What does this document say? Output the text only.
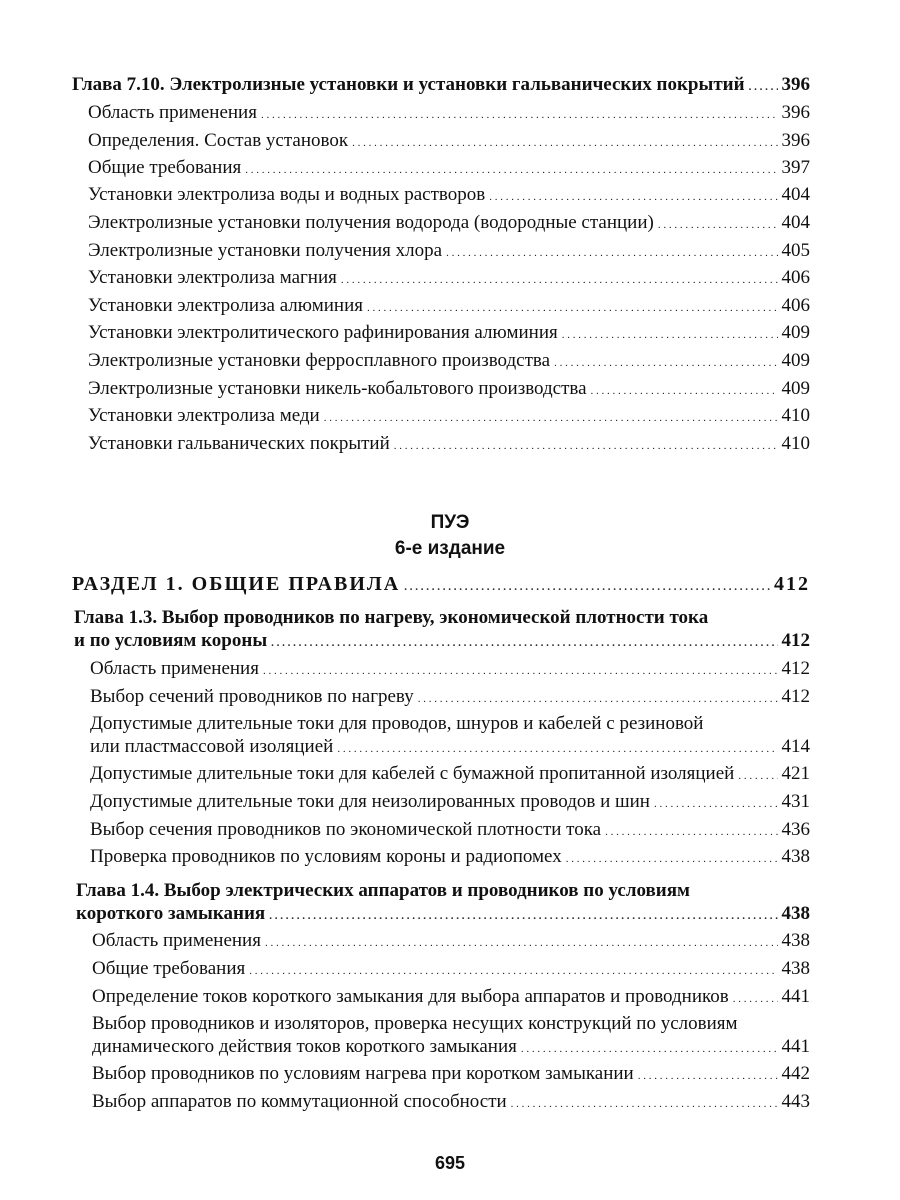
Глава 7.10. Электролизные установки и установки гальванических покрытий . . . 396
Область применения . . .	396
Определения. Состав установок . . .	396
Общие требования . . .	397
Установки электролиза воды и водных растворов . . .	404
Электролизные установки получения водорода (водородные станции) . . .	404
Электролизные установки получения хлора . . .	405
Установки электролиза магния . . .	406
Установки электролиза алюминия . . .	406
Установки электролитического рафинирования алюминия . . .	409
Электролизные установки ферросплавного производства . . .	409
Электролизные установки никель-кобальтового производства . . .	409
Установки электролиза меди . . .	410
Установки гальванических покрытий . . .	410
ПУЭ
6-е издание
РАЗДЕЛ 1. ОБЩИЕ ПРАВИЛА . . .	412
Глава 1.3. Выбор проводников по нагреву, экономической плотности тока
и по условиям короны . . .	412
Область применения . . .	412
Выбор сечений проводников по нагреву . . .	412
Допустимые длительные токи для проводов, шнуров и кабелей с резиновой
или пластмассовой изоляцией . . .	414
Допустимые длительные токи для кабелей с бумажной пропитанной изоляцией . . . 421
Допустимые длительные токи для неизолированных проводов и шин . . .	431
Выбор сечения проводников по экономической плотности тока . . .	436
Проверка проводников по условиям короны и радиопомех . . .	438
Глава 1.4. Выбор электрических аппаратов и проводников по условиям
короткого замыкания . . .	438
Область применения . . .	438
Общие требования . . .	438
Определение токов короткого замыкания для выбора аппаратов и проводников . . .	441
Выбор проводников и изоляторов, проверка несущих конструкций по условиям
динамического действия токов короткого замыкания . . .	441
Выбор проводников по условиям нагрева при коротком замыкании . . .	442
Выбор аппаратов по коммутационной способности . . .	443
695
